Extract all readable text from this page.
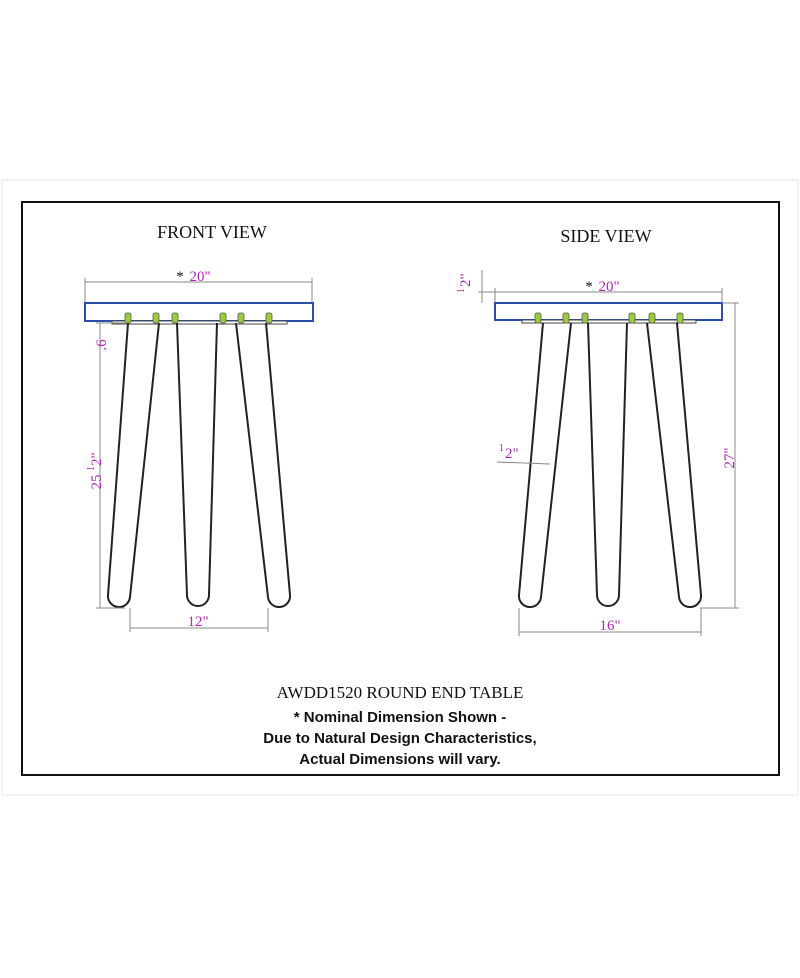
FRONT VIEW
* 20"
.6
25
1
2"
12"
SIDE VIEW
1
2"	* 20"
1 2"	27"
16"
AWDD1520 ROUND END TABLE
* Nominal Dimension Shown -
Due to Natural Design Characteristics,
Actual Dimensions will vary.
